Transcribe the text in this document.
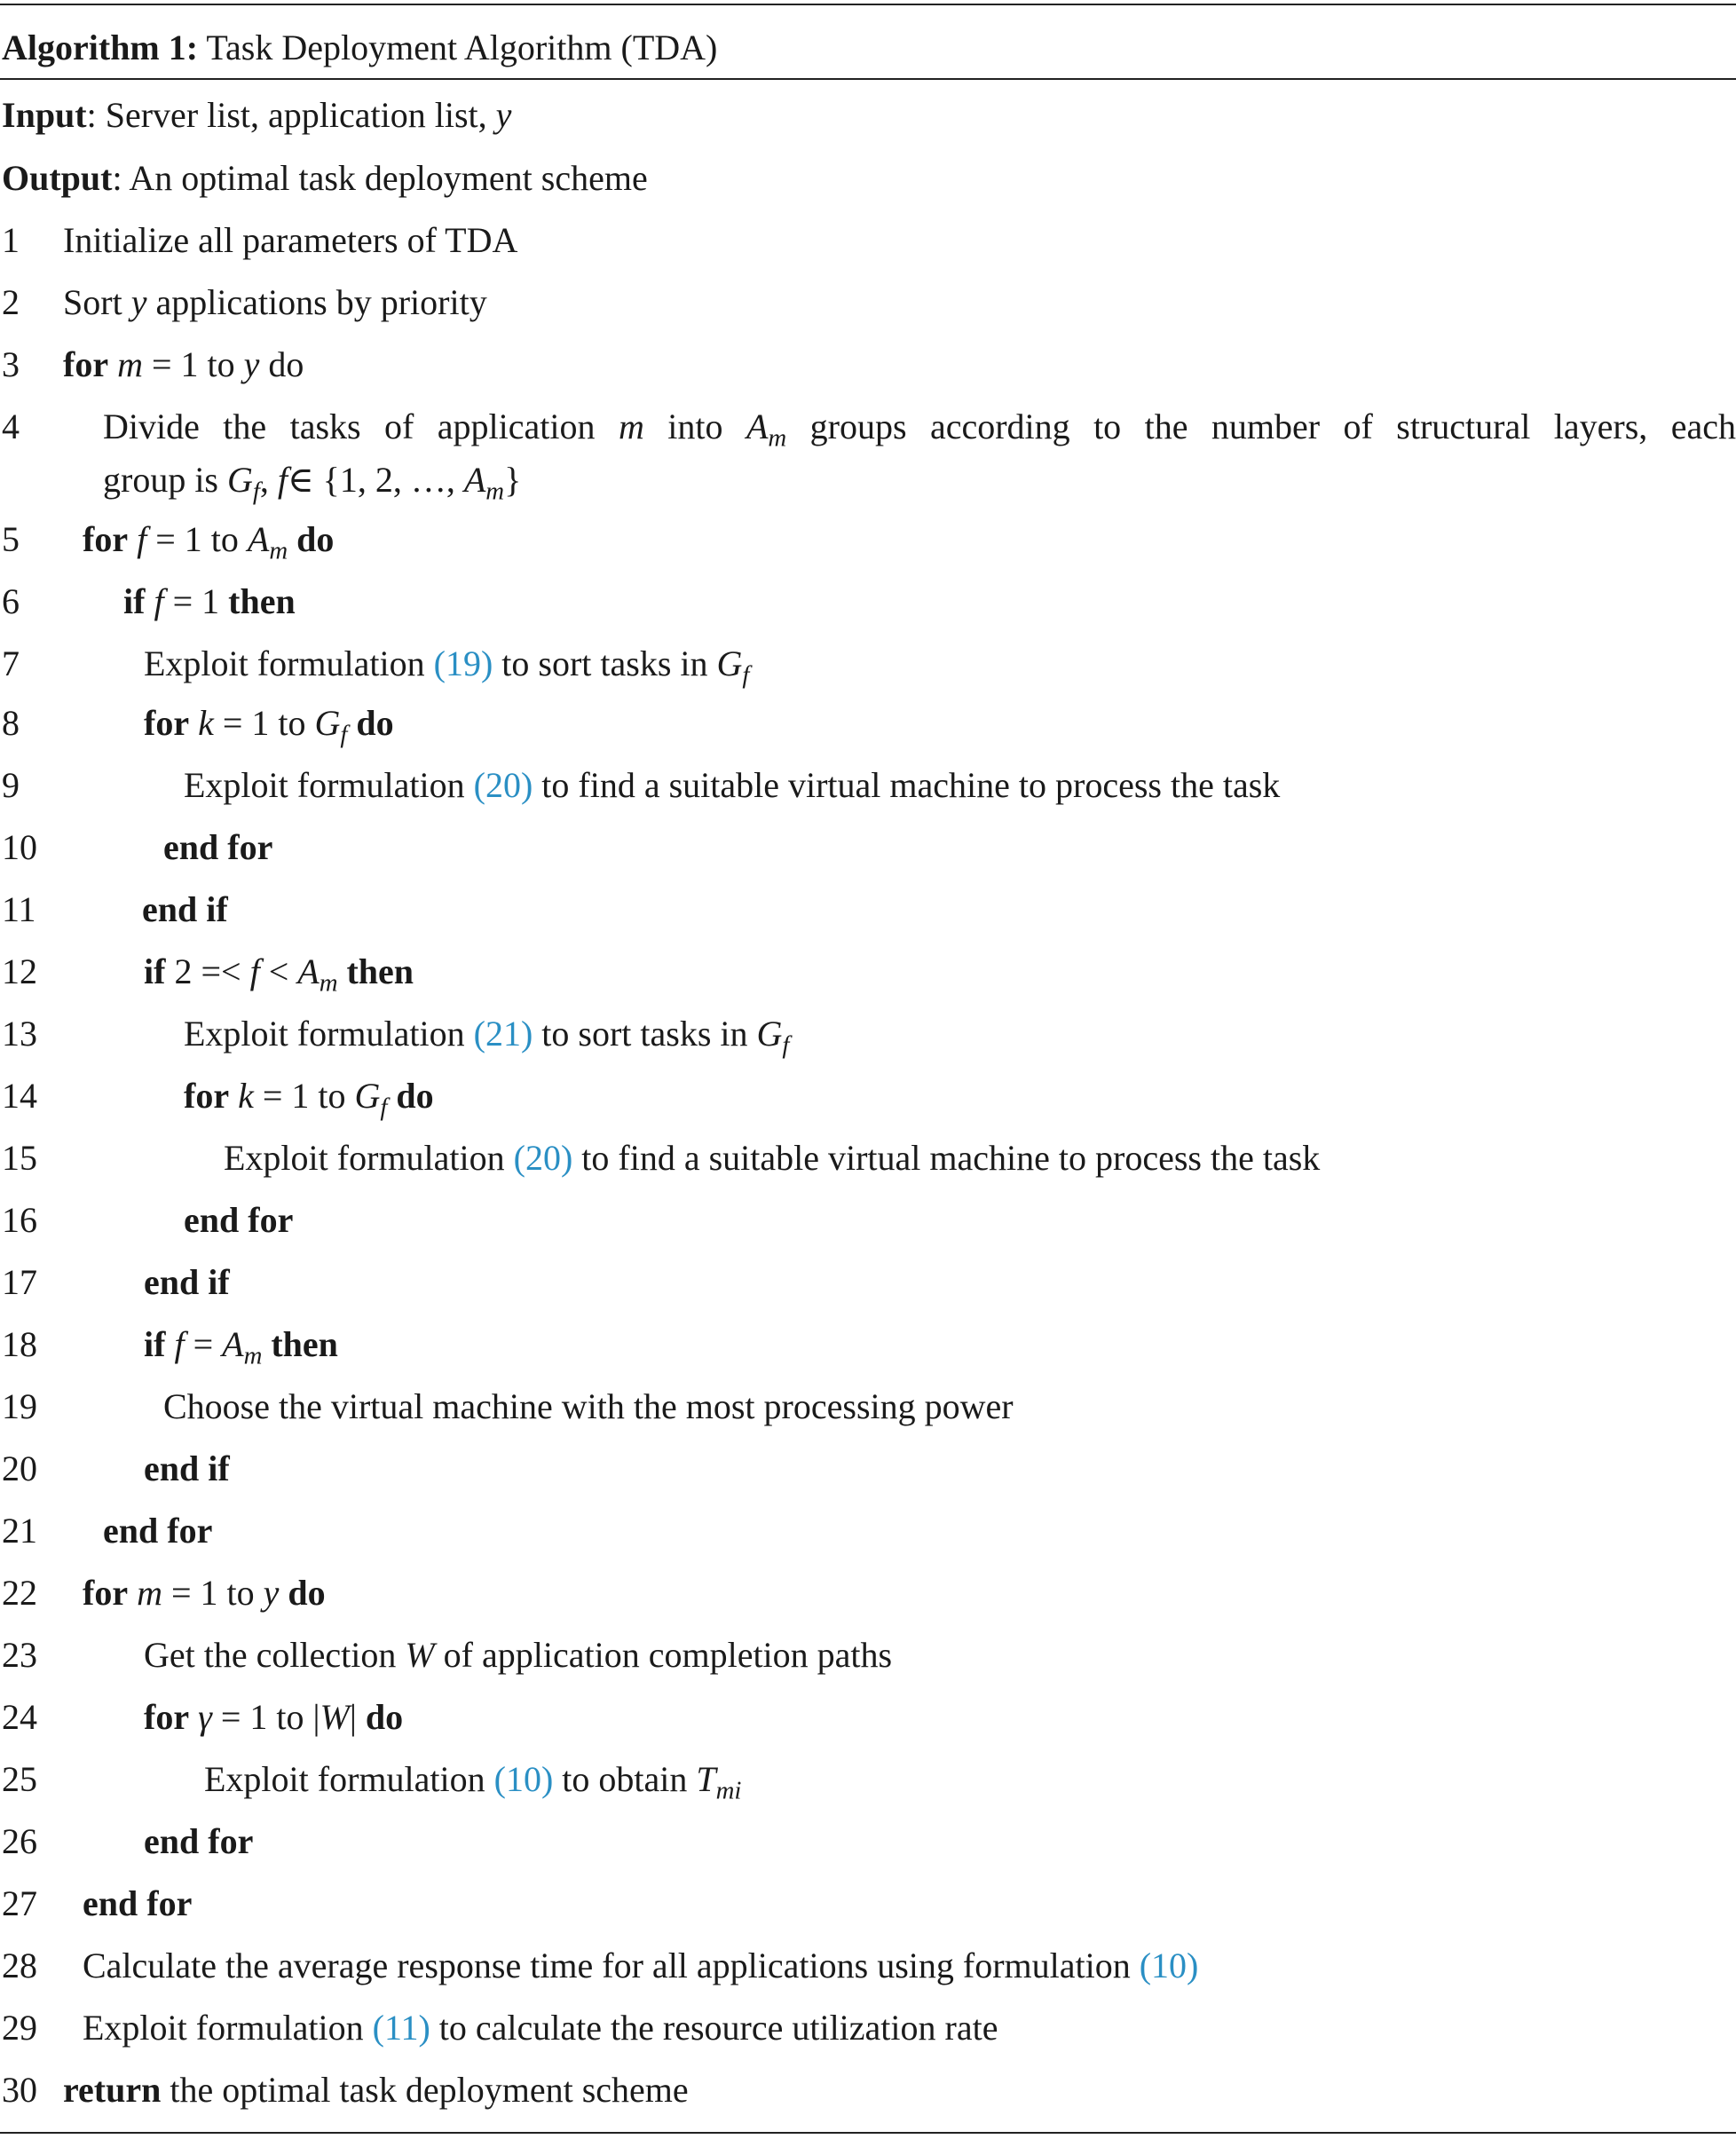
Algorithm 1: Task Deployment Algorithm (TDA)
Input: Server list, application list, y
Output: An optimal task deployment scheme
1 Initialize all parameters of TDA
2 Sort y applications by priority
3 for m = 1 to y do
4 Divide the tasks of application m into $A_m$ groups according to the number of structural layers, each
group is $G_f$, f∈ {1, 2, …, $A_m$}
5 for f = 1 to $A_m$ do
6	if f = 1 then
7	Exploit formulation (19) to sort tasks in $G_f$
8	for k = 1 to $G_f$ do
9	Exploit formulation (20) to find a suitable virtual machine to process the task
10	end for
11	end if
12	if $2 =< f < A_m$ then
13	Exploit formulation (21) to sort tasks in $G_f$
14	for k = 1 to $G_f$ do
15	Exploit formulation (20) to find a suitable virtual machine to process the task
16	end for
17	end if
18	if $f = A_m$ then
19	Choose the virtual machine with the most processing power
20	end if
21 end for
22 for m = 1 to y do
23	Get the collection W of application completion paths
24	for γ = 1 to |W| do
25	Exploit formulation (10) to obtain $T_{mi}$
26	end for
27 end for
28 Calculate the average response time for all applications using formulation (10)
29 Exploit formulation (11) to calculate the resource utilization rate
30 return the optimal task deployment scheme
